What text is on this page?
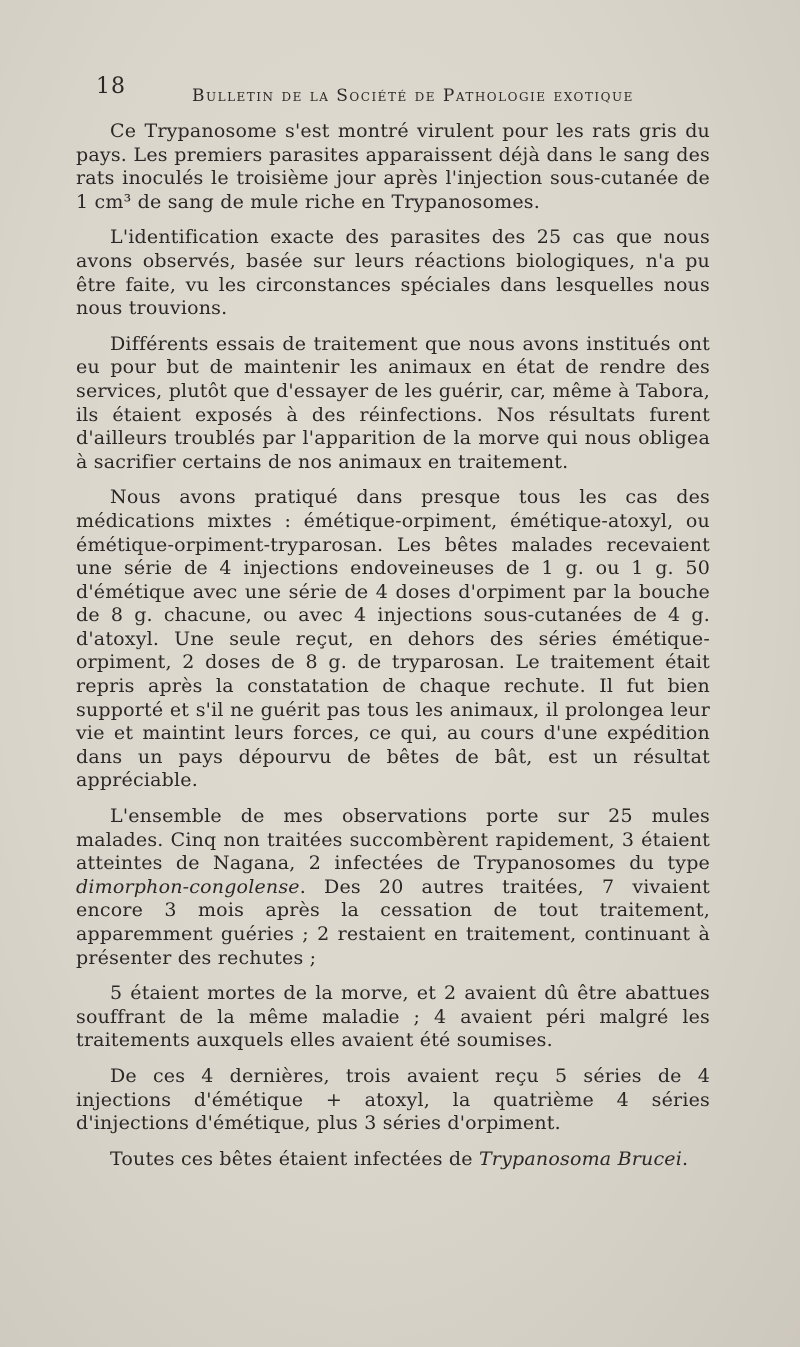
18	Bulletin de la Société de Pathologie exotique

Ce Trypanosome s'est montré virulent pour les rats gris du pays. Les premiers parasites apparaissent déjà dans le sang des rats inoculés le troisième jour après l'injection sous-cutanée de 1 cm³ de sang de mule riche en Trypanosomes.

L'identification exacte des parasites des 25 cas que nous avons observés, basée sur leurs réactions biologiques, n'a pu être faite, vu les circonstances spéciales dans lesquelles nous nous trouvions.

Différents essais de traitement que nous avons institués ont eu pour but de maintenir les animaux en état de rendre des services, plutôt que d'essayer de les guérir, car, même à Tabora, ils étaient exposés à des réinfections. Nos résultats furent d'ailleurs troublés par l'apparition de la morve qui nous obligea à sacrifier certains de nos animaux en traitement.

Nous avons pratiqué dans presque tous les cas des médications mixtes : émétique-orpiment, émétique-atoxyl, ou émétique-orpiment-tryparosan. Les bêtes malades recevaient une série de 4 injections endoveineuses de 1 g. ou 1 g. 50 d'émétique avec une série de 4 doses d'orpiment par la bouche de 8 g. chacune, ou avec 4 injections sous-cutanées de 4 g. d'atoxyl. Une seule reçut, en dehors des séries émétique-orpiment, 2 doses de 8 g. de tryparosan. Le traitement était repris après la constatation de chaque rechute. Il fut bien supporté et s'il ne guérit pas tous les animaux, il prolongea leur vie et maintint leurs forces, ce qui, au cours d'une expédition dans un pays dépourvu de bêtes de bât, est un résultat appréciable.

L'ensemble de mes observations porte sur 25 mules malades. Cinq non traitées succombèrent rapidement, 3 étaient atteintes de Nagana, 2 infectées de Trypanosomes du type dimorphon-congolense. Des 20 autres traitées, 7 vivaient encore 3 mois après la cessation de tout traitement, apparemment guéries ; 2 restaient en traitement, continuant à présenter des rechutes ;

5 étaient mortes de la morve, et 2 avaient dû être abattues souffrant de la même maladie ; 4 avaient péri malgré les traitements auxquels elles avaient été soumises.

De ces 4 dernières, trois avaient reçu 5 séries de 4 injections d'émétique + atoxyl, la quatrième 4 séries d'injections d'émétique, plus 3 séries d'orpiment.

Toutes ces bêtes étaient infectées de Trypanosoma Brucei.
